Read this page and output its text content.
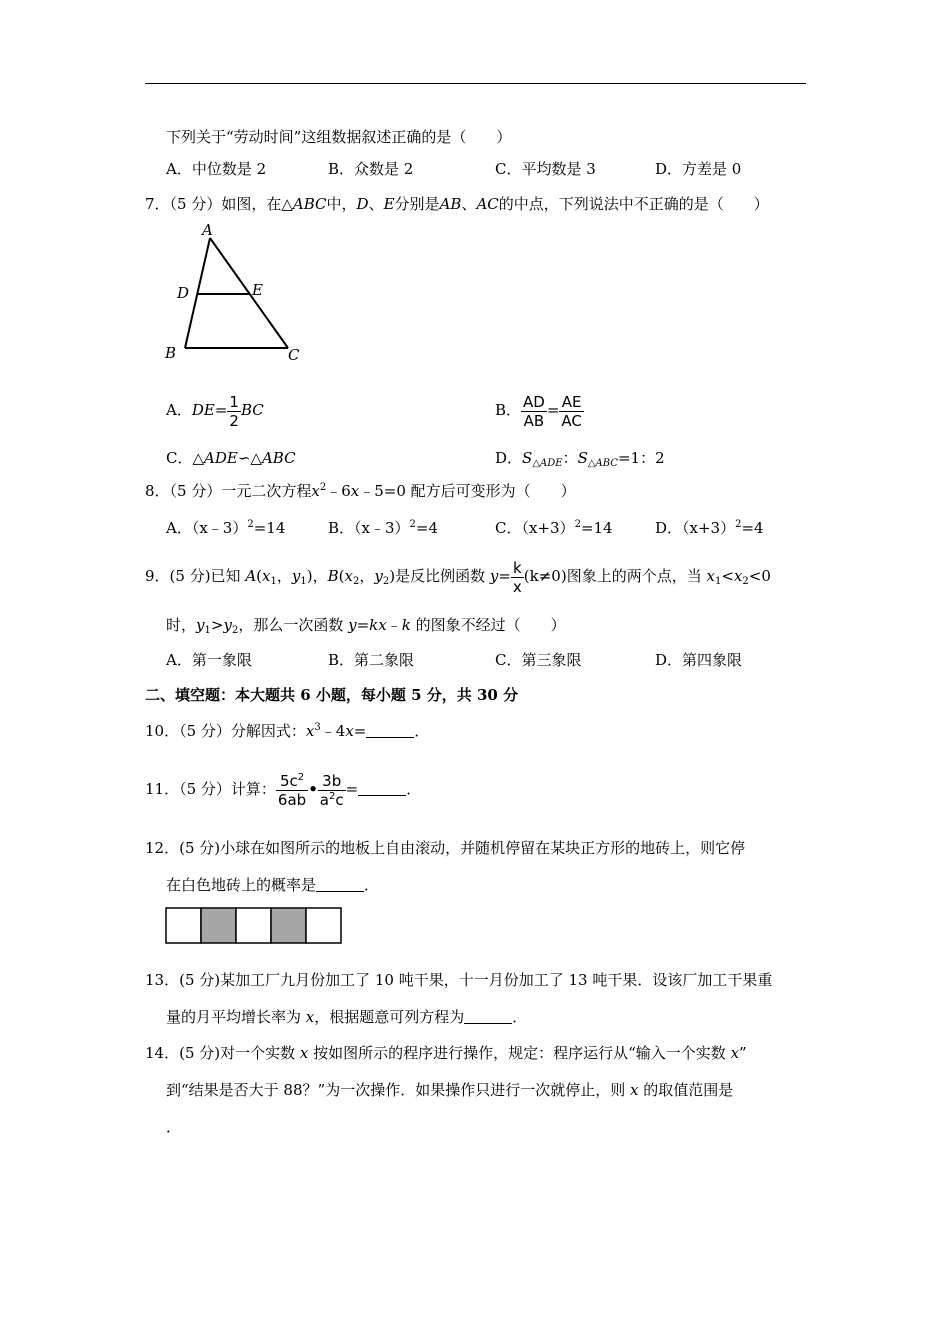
下列关于“劳动时间”这组数据叙述正确的是（　　）
A．中位数是 2	B．众数是 2	C．平均数是 3	D．方差是 0
7．（5 分）如图，在△ABC中，D、E分别是AB、AC的中点，下列说法中不正确的是（　　）
A
D	E
B	C
A．$DE= \frac{1}{2}$ BC	B． $\frac{AD}{AB} = \frac{AE}{AC}$
C．△ADE∽△ABC	D．$S_{\triangle ADE}$：$S_{\triangle ABC}=1$：2
8．（5 分）一元二次方程$x^2﹣6x﹣5=0$ 配方后可变形为（　　）
A．（x﹣3）$^2$=14	B．（x﹣3）$^2$=4	C．$(x+3)^2=14$	D．$(x+3)^2=4$
9．(5 分)已知 $A(x_1$，$y_1$)，$B(x_2$，$y_2$)是反比例函数 $y= \frac{k}{x} (k\ne 0)$图象上的两个点，当 $x_1<x_2<0$
时，$y_1>y_2$，那么一次函数 y=kx﹣k 的图象不经过（　　）
A．第一象限	B．第二象限	C．第三象限	D．第四象限
二、填空题：本大题共 6 小题，每小题 5 分，共 30 分
10．（5 分）分解因式：$x^3﹣4x=$	．
11．（5 分）计算： $\frac{5c^2}{6ab}$ • $\frac{3b}{a^2c}$ =	．
12．(5 分)小球在如图所示的地板上自由滚动，并随机停留在某块正方形的地砖上，则它停
在白色地砖上的概率是	．
13．(5 分)某加工厂九月份加工了 10 吨干果，十一月份加工了 13 吨干果．设该厂加工干果重
量的月平均增长率为 x，根据题意可列方程为	．
14．(5 分)对一个实数 x 按如图所示的程序进行操作，规定：程序运行从“输入一个实数 x”
到“结果是否大于 88？”为一次操作．如果操作只进行一次就停止，则 x 的取值范围是
．
